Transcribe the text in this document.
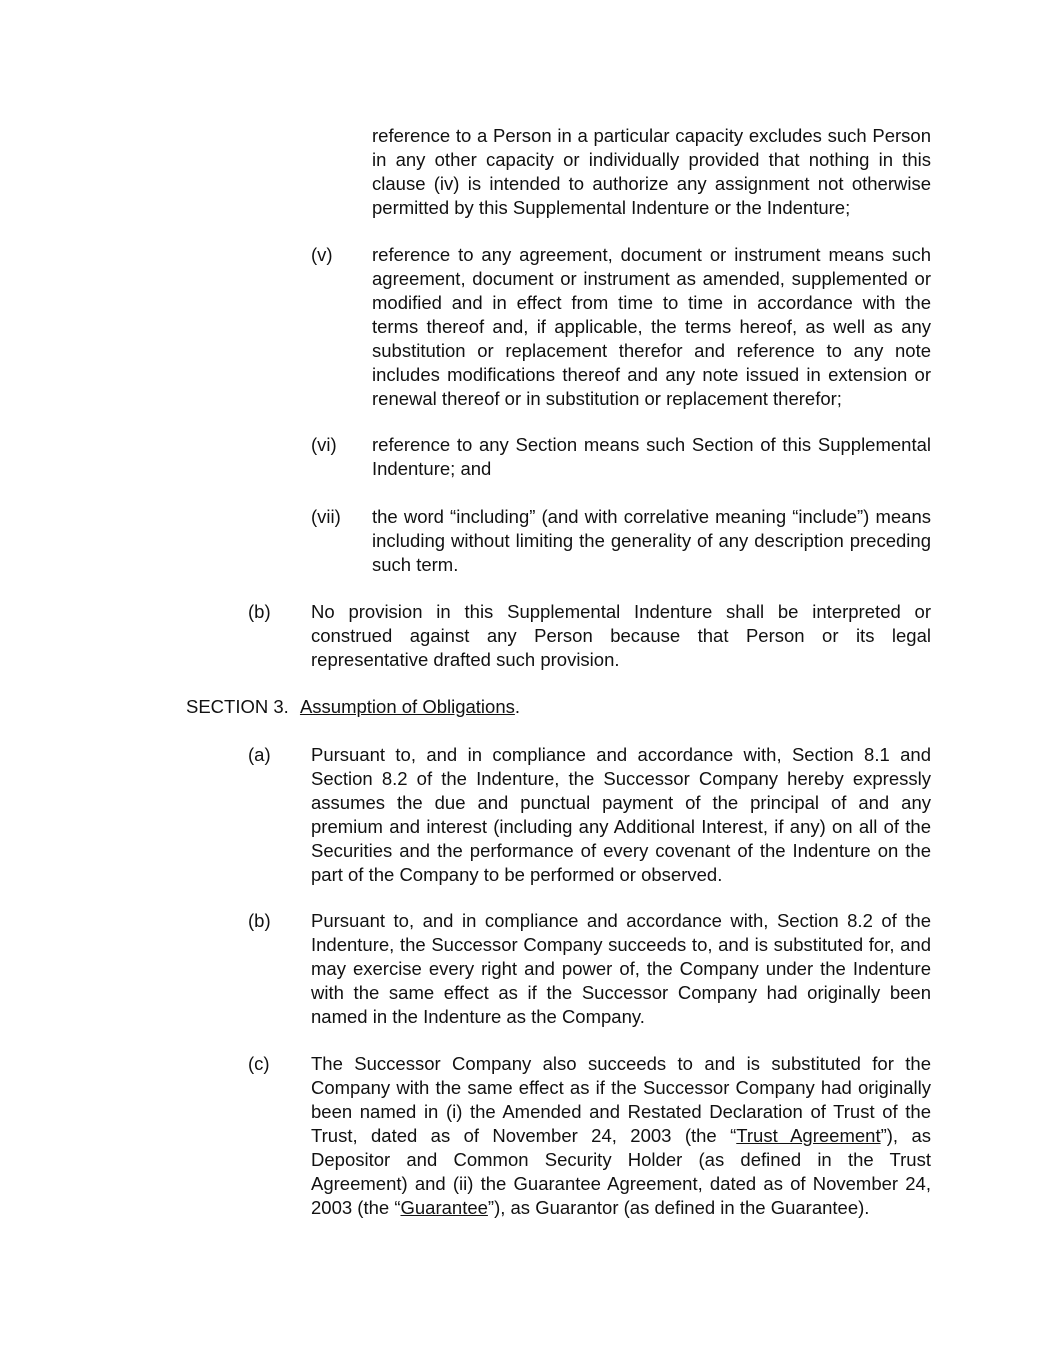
reference to a Person in a particular capacity excludes such Person in any other capacity or individually provided that nothing in this clause (iv) is intended to authorize any assignment not otherwise permitted by this Supplemental Indenture or the Indenture;

(v) reference to any agreement, document or instrument means such agreement, document or instrument as amended, supplemented or modified and in effect from time to time in accordance with the terms thereof and, if applicable, the terms hereof, as well as any substitution or replacement therefor and reference to any note includes modifications thereof and any note issued in extension or renewal thereof or in substitution or replacement therefor;

(vi) reference to any Section means such Section of this Supplemental Indenture; and

(vii) the word “including” (and with correlative meaning “include”) means including without limiting the generality of any description preceding such term.

(b) No provision in this Supplemental Indenture shall be interpreted or construed against any Person because that Person or its legal representative drafted such provision.

SECTION 3. Assumption of Obligations.

(a) Pursuant to, and in compliance and accordance with, Section 8.1 and Section 8.2 of the Indenture, the Successor Company hereby expressly assumes the due and punctual payment of the principal of and any premium and interest (including any Additional Interest, if any) on all of the Securities and the performance of every covenant of the Indenture on the part of the Company to be performed or observed.

(b) Pursuant to, and in compliance and accordance with, Section 8.2 of the Indenture, the Successor Company succeeds to, and is substituted for, and may exercise every right and power of, the Company under the Indenture with the same effect as if the Successor Company had originally been named in the Indenture as the Company.

(c) The Successor Company also succeeds to and is substituted for the Company with the same effect as if the Successor Company had originally been named in (i) the Amended and Restated Declaration of Trust of the Trust, dated as of November 24, 2003 (the “Trust Agreement”), as Depositor and Common Security Holder (as defined in the Trust Agreement) and (ii) the Guarantee Agreement, dated as of November 24, 2003 (the “Guarantee”), as Guarantor (as defined in the Guarantee).
